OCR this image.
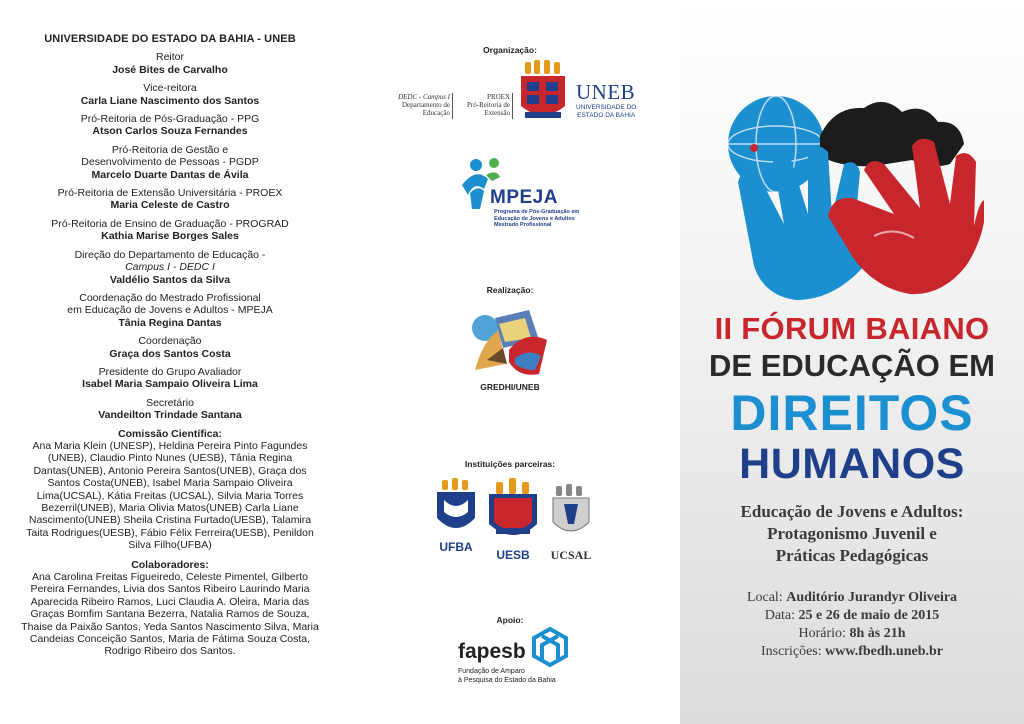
UNIVERSIDADE DO ESTADO DA BAHIA - UNEB
Reitor
José Bites de Carvalho
Vice-reitora
Carla Liane Nascimento dos Santos
Pró-Reitoria de Pós-Graduação - PPG
Atson Carlos Souza Fernandes
Pró-Reitoria de Gestão e
Desenvolvimento de Pessoas - PGDP
Marcelo Duarte Dantas de Ávila
Pró-Reitoria de Extensão Universitária - PROEX
Maria Celeste de Castro
Pró-Reitoria de Ensino de Graduação - PROGRAD
Kathia Marise Borges Sales
Direção do Departamento de Educação -
Campus I - DEDC I
Valdélio Santos da Silva
Coordenação do Mestrado Profissional
em Educação de Jovens e Adultos - MPEJA
Tânia Regina Dantas
Coordenação
Graça dos Santos Costa
Presidente do Grupo Avaliador
Isabel Maria Sampaio Oliveira Lima
Secretário
Vandeilton Trindade Santana
Comissão Científica:
Ana Maria Klein (UNESP), Heldina Pereira Pinto Fagundes (UNEB), Claudio Pinto Nunes (UESB), Tânia Regina Dantas(UNEB), Antonio Pereira Santos(UNEB), Graça dos Santos Costa(UNEB), Isabel Maria Sampaio Oliveira Lima(UCSAL), Kátia Freitas (UCSAL), Silvia Maria Torres Bezerril(UNEB), Maria Olivia Matos(UNEB) Carla Liane Nascimento(UNEB) Sheila Cristina Furtado(UESB), Talamira Taita Rodrigues(UESB), Fábio Félix Ferreira(UESB), Penildon Silva Filho(UFBA)
Colaboradores:
Ana Carolina Freitas Figueiredo, Celeste Pimentel, Gilberto Pereira Fernandes, Livia dos Santos Ribeiro Laurindo Maria Aparecida Ribeiro Ramos, Luci Claudia A. Oleira, Maria das Graças Bomfim Santana Bezerra, Natalia Ramos de Souza, Thaise da Paixão Santos, Yeda Santos Nascimento Silva, Maria Candeias Conceição Santos, Maria de Fátima Souza Costa, Rodrigo Ribeiro dos Santos.
Organização:
DEDC - Campus I
Departamento de
Educação
PROEX
Pró-Reitoria de
Extensão
UNEB
UNIVERSIDADE DO
ESTADO DA BAHIA
MPEJA
Programa de Pós-Graduação em
Educação de Jovens e Adultos
Mestrado Profissional
Realização:
GREDHI/UNEB
Instituições parceiras:
UFBA
UESB	UCSAL
Apoio:
fapesb
Fundação de Amparo
à Pesquisa do Estado da Bahia
II FÓRUM BAIANO
DE EDUCAÇÃO EM
DIREITOS
HUMANOS
Educação de Jovens e Adultos:
Protagonismo Juvenil e
Práticas Pedagógicas
Local: Auditório Jurandyr Oliveira
Data: 25 e 26 de maio de 2015
Horário: 8h às 21h
Inscrições: www.fbedh.uneb.br
